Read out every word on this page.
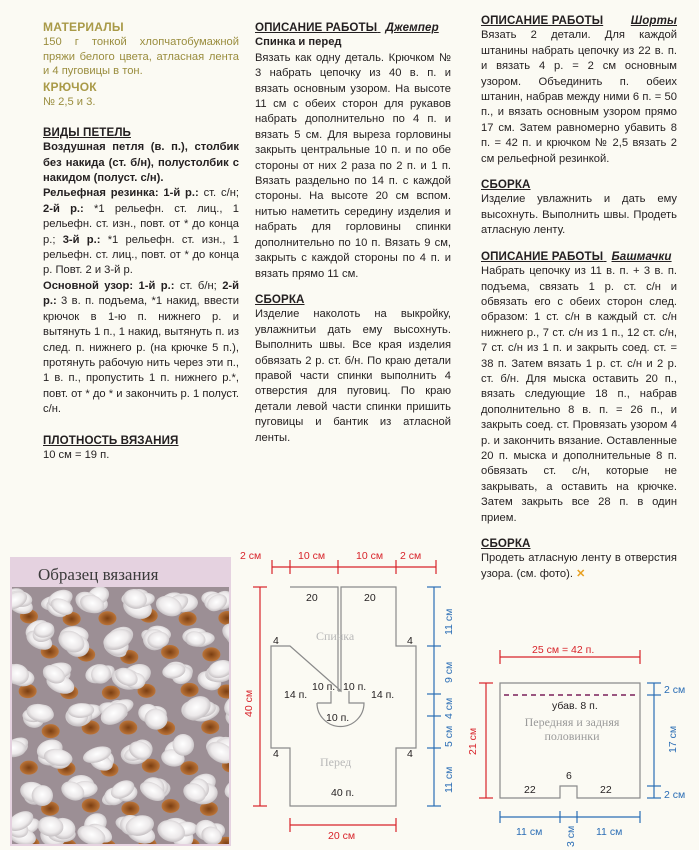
МАТЕРИАЛЫ

150 г тонкой хлопчатобумажной пряжи белого цвета, атласная лента и 4 пуговицы в тон.

КРЮЧОК

№ 2,5 и 3.

ВИДЫ ПЕТЕЛЬ

Воздушная петля (в. п.), столбик без накида (ст. б/н), полустолбик с накидом (полуст. с/н).

Рельефная резинка: 1-й р.: ст. с/н; 2-й р.: *1 рельефн. ст. лиц., 1 рельефн. ст. изн., повт. от * до конца р.; 3-й р.: *1 рельефн. ст. изн., 1 рельефн. ст. лиц., повт. от * до конца р. Повт. 2 и 3-й р.

Основной узор: 1-й р.: ст. б/н; 2-й р.: 3 в. п. подъема, *1 накид, ввести крючок в 1-ю п. нижнего р. и вытянуть 1 п., 1 накид, вытянуть п. из след. п. нижнего р. (на крючке 5 п.), протянуть рабочую нить через эти п., 1 в. п., пропустить 1 п. нижнего р.*, повт. от * до * и закончить р. 1 полуст. с/н.

ПЛОТНОСТЬ ВЯЗАНИЯ

10 см = 19 п.

ОПИСАНИЕ РАБОТЫ Джемпер
Спинка и перед

Вязать как одну деталь. Крючком № 3 набрать цепочку из 40 в. п. и вязать основным узором. На высоте 11 см с обеих сторон для рукавов набрать дополнительно по 4 п. и вязать 5 см. Для выреза горловины закрыть центральные 10 п. и по обе стороны от них 2 раза по 2 п. и 1 п. Вязать раздельно по 14 п. с каждой стороны. На высоте 20 см вспом. нитью наметить середину изделия и набрать для горловины спинки дополнительно по 10 п. Вязать 9 см, закрыть с каждой стороны по 4 п. и вязать прямо 11 см.

СБОРКА

Изделие наколоть на выкройку, увлажнитьи дать ему высохнуть. Выполнить швы. Все края изделия обвязать 2 р. ст. б/н. По краю детали правой части спинки выполнить 4 отверстия для пуговиц. По краю детали левой части спинки пришить пуговицы и бантик из атласной ленты.

ОПИСАНИЕ РАБОТЫ Шорты

Вязать 2 детали. Для каждой штанины набрать цепочку из 22 в. п. и вязать 4 р. = 2 см основным узором. Объединить п. обеих штанин, набрав между ними 6 п. = 50 п., и вязать основным узором прямо 17 см. Затем равномерно убавить 8 п. = 42 п. и крючком № 2,5 вязать 2 см рельефной резинкой.

СБОРКА

Изделие увлажнить и дать ему высохнуть. Выполнить швы. Продеть атласную ленту.

ОПИСАНИЕ РАБОТЫ Башмачки

Набрать цепочку из 11 в. п. + 3 в. п. подъема, связать 1 р. ст. с/н и обвязать его с обеих сторон след. образом: 1 ст. с/н в каждый ст. с/н нижнего р., 7 ст. с/н из 1 п., 12 ст. с/н, 7 ст. с/н из 1 п. и закрыть соед. ст. = 38 п. Затем вязать 1 р. ст. с/н и 2 р. ст. б/н. Для мыска оставить 20 п., вязать следующие 18 п., набрав дополнительно 8 в. п. = 26 п., и закрыть соед. ст. Провязать узором 4 р. и закончить вязание. Оставленные 20 п. мыска и дополнительные 8 п. обвязать ст. с/н, которые не закрывать, а оставить на крючке. Затем закрыть все 28 п. в один прием.

СБОРКА

Продеть атласную ленту в отверстия узора. (см. фото). ✕

Образец вязания
2 см	10 см	10 см 2 см
20 см
40 см
11 см
9 см
4 см
5 см
11 см
20	20
4	4
4	4
10 п. 10 п.
14 п.	14 п.
10 п.
40 п.
Спинка
Перед
25 см = 42 п.
21 см
2 см
17 см
2 см
11 см 3 см 11 см
убав. 8 п.
6
22	22
Передняя и задняя половинки
